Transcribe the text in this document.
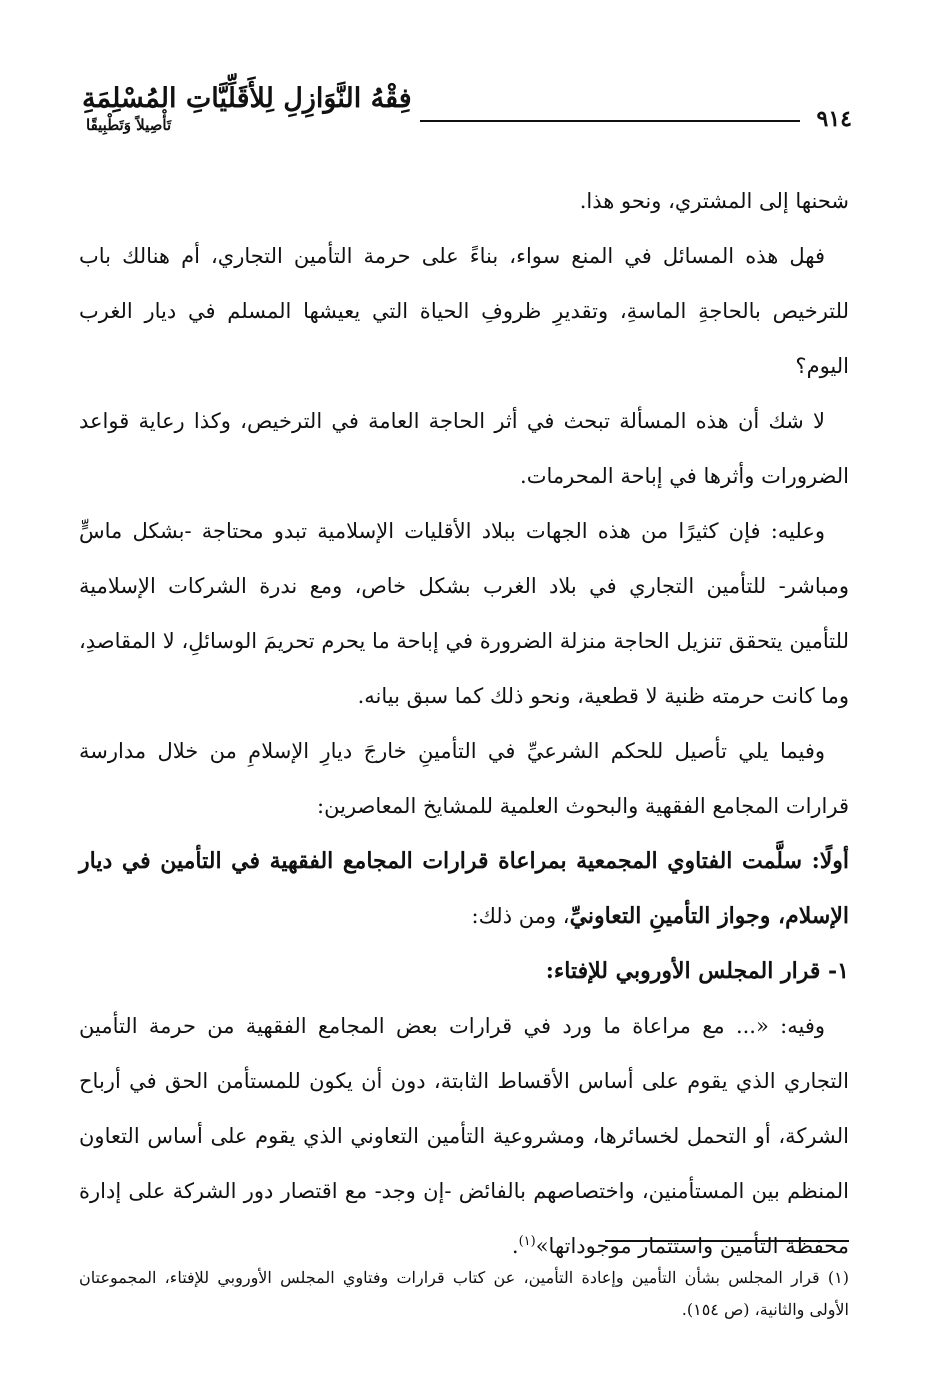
٩١٤
فِقْهُ النَّوَازِلِ لِلأَقَلِّيَّاتِ المُسْلِمَةِ
تَأْصِيلاً وَتَطْبِيقًا

شحنها إلى المشتري، ونحو هذا.

فهل هذه المسائل في المنع سواء، بناءً على حرمة التأمين التجاري، أم هنالك باب للترخيص بالحاجةِ الماسةِ، وتقديرِ ظروفِ الحياة التي يعيشها المسلم في ديار الغرب اليوم؟

لا شك أن هذه المسألة تبحث في أثر الحاجة العامة في الترخيص، وكذا رعاية قواعد الضرورات وأثرها في إباحة المحرمات.

وعليه: فإن كثيرًا من هذه الجهات ببلاد الأقليات الإسلامية تبدو محتاجة -بشكل ماسٍّ ومباشر- للتأمين التجاري في بلاد الغرب بشكل خاص، ومع ندرة الشركات الإسلامية للتأمين يتحقق تنزيل الحاجة منزلة الضرورة في إباحة ما يحرم تحريمَ الوسائلِ، لا المقاصدِ، وما كانت حرمته ظنية لا قطعية، ونحو ذلك كما سبق بيانه.

وفيما يلي تأصيل للحكم الشرعيِّ في التأمينِ خارجَ ديارِ الإسلامِ من خلال مدارسة قرارات المجامع الفقهية والبحوث العلمية للمشايخ المعاصرين:

أولًا: سلَّمت الفتاوي المجمعية بمراعاة قرارات المجامع الفقهية في التأمين في ديار الإسلام، وجواز التأمينِ التعاونيِّ، ومن ذلك:

١- قرار المجلس الأوروبي للإفتاء:

وفيه: «... مع مراعاة ما ورد في قرارات بعض المجامع الفقهية من حرمة التأمين التجاري الذي يقوم على أساس الأقساط الثابتة، دون أن يكون للمستأمن الحق في أرباح الشركة، أو التحمل لخسائرها، ومشروعية التأمين التعاوني الذي يقوم على أساس التعاون المنظم بين المستأمنين، واختصاصهم بالفائض -إن وجد- مع اقتصار دور الشركة على إدارة محفظة التأمين واستثمار موجوداتها»$^{(١)}$.

(١) قرار المجلس بشأن التأمين وإعادة التأمين، عن كتاب قرارات وفتاوي المجلس الأوروبي للإفتاء، المجموعتان الأولى والثانية، (ص ١٥٤).
